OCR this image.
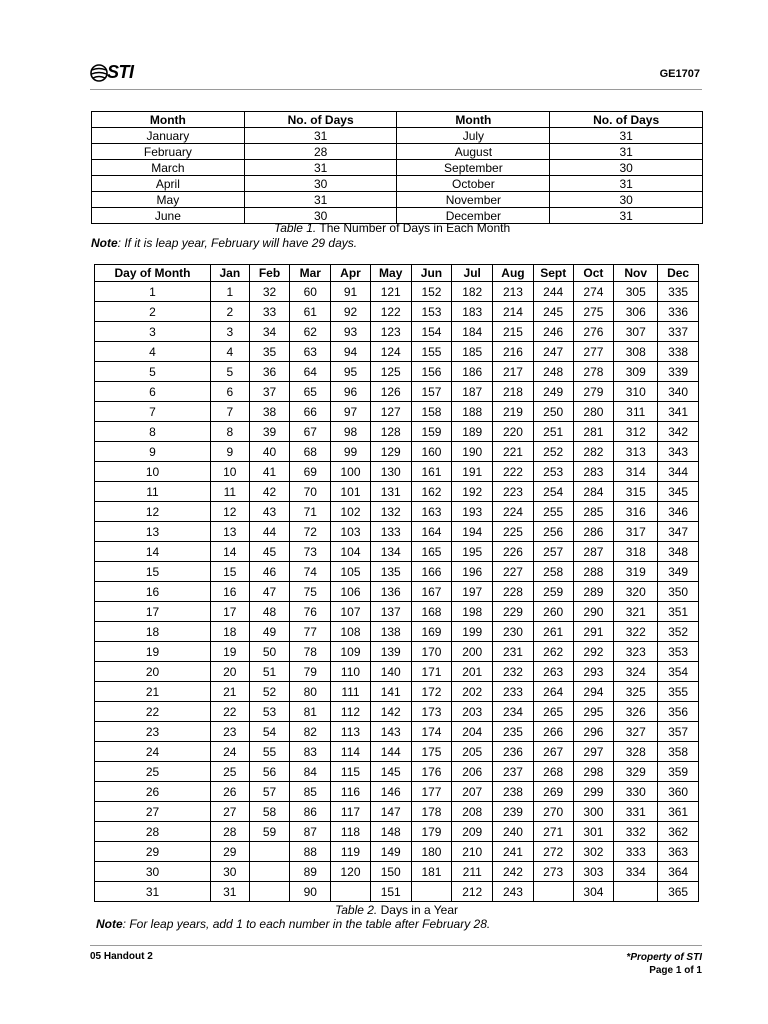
STI	GE1707
Month	No. of Days	Month	No. of Days
January	31	July	31
February	28	August	31
March	31	September	30
April	30	October	31
May	31	November	30
June	30	December	31
Table 1. The Number of Days in Each Month
Note: If it is leap year, February will have 29 days.
Day of Month	Jan	Feb	Mar	Apr	May	Jun	Jul	Aug	Sept	Oct	Nov	Dec
1	1	32	60	91	121	152	182	213	244	274	305	335
2	2	33	61	92	122	153	183	214	245	275	306	336
3	3	34	62	93	123	154	184	215	246	276	307	337
4	4	35	63	94	124	155	185	216	247	277	308	338
5	5	36	64	95	125	156	186	217	248	278	309	339
6	6	37	65	96	126	157	187	218	249	279	310	340
7	7	38	66	97	127	158	188	219	250	280	311	341
8	8	39	67	98	128	159	189	220	251	281	312	342
9	9	40	68	99	129	160	190	221	252	282	313	343
10	10	41	69	100	130	161	191	222	253	283	314	344
11	11	42	70	101	131	162	192	223	254	284	315	345
12	12	43	71	102	132	163	193	224	255	285	316	346
13	13	44	72	103	133	164	194	225	256	286	317	347
14	14	45	73	104	134	165	195	226	257	287	318	348
15	15	46	74	105	135	166	196	227	258	288	319	349
16	16	47	75	106	136	167	197	228	259	289	320	350
17	17	48	76	107	137	168	198	229	260	290	321	351
18	18	49	77	108	138	169	199	230	261	291	322	352
19	19	50	78	109	139	170	200	231	262	292	323	353
20	20	51	79	110	140	171	201	232	263	293	324	354
21	21	52	80	111	141	172	202	233	264	294	325	355
22	22	53	81	112	142	173	203	234	265	295	326	356
23	23	54	82	113	143	174	204	235	266	296	327	357
24	24	55	83	114	144	175	205	236	267	297	328	358
25	25	56	84	115	145	176	206	237	268	298	329	359
26	26	57	85	116	146	177	207	238	269	299	330	360
27	27	58	86	117	147	178	208	239	270	300	331	361
28	28	59	87	118	148	179	209	240	271	301	332	362
29	29		88	119	149	180	210	241	272	302	333	363
30	30		89	120	150	181	211	242	273	303	334	364
31	31		90		151		212	243		304		365
Table 2. Days in a Year
Note: For leap years, add 1 to each number in the table after February 28.
05 Handout 2	*Property of STI
Page 1 of 1
